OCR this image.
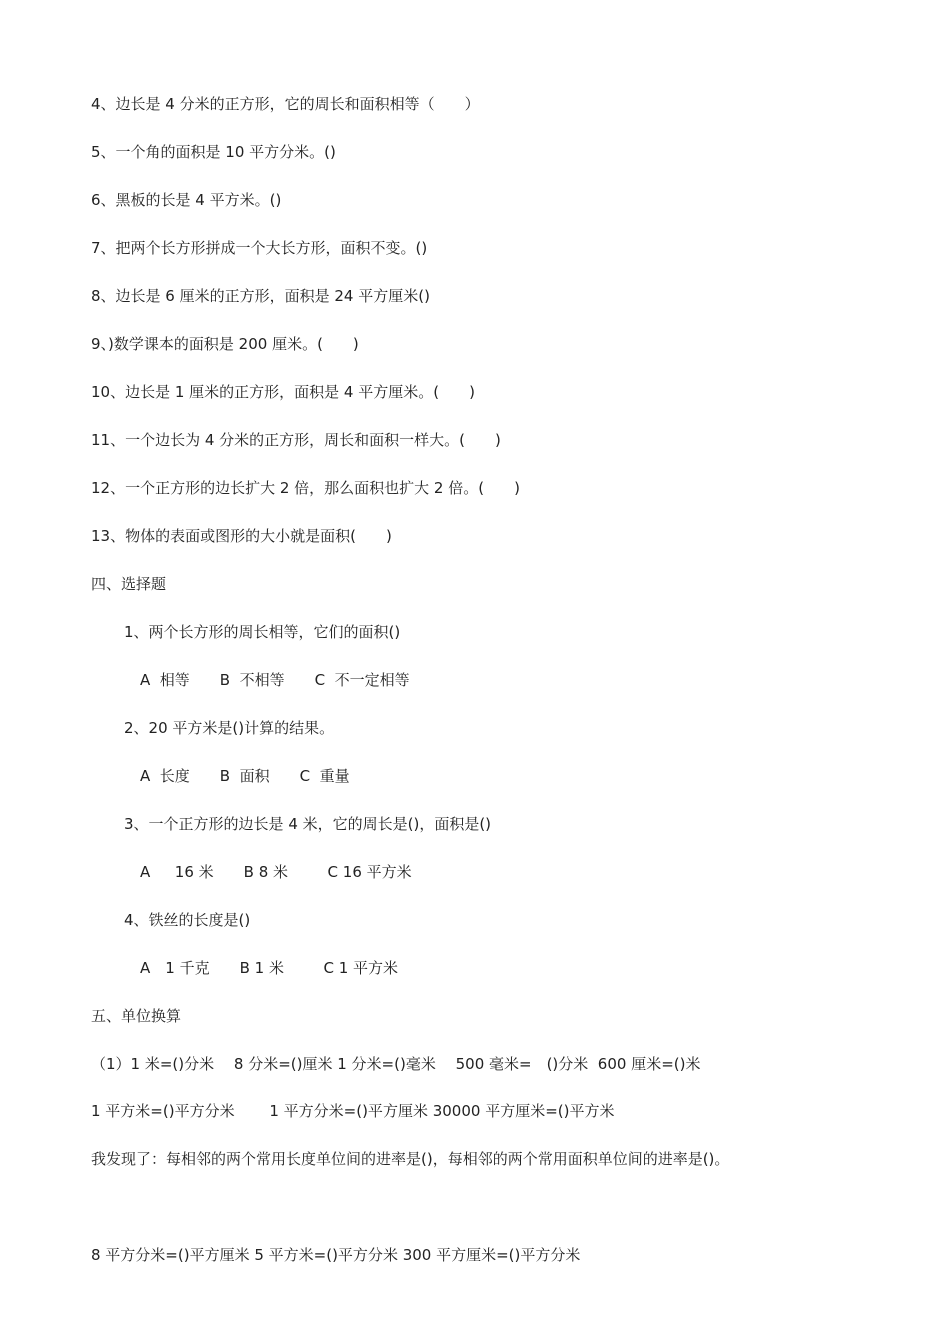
4、边长是 4 分米的正方形，它的周长和面积相等（　　）

5、一个角的面积是 10 平方分米。()

6、黑板的长是 4 平方米。()

7、把两个长方形拼成一个大长方形，面积不变。()

8、边长是 6 厘米的正方形，面积是 24 平方厘米()

9、)数学课本的面积是 200 厘米。(　　)

10、边长是 1 厘米的正方形，面积是 4 平方厘米。(　　)

11、一个边长为 4 分米的正方形，周长和面积一样大。(　　)

12、一个正方形的边长扩大 2 倍，那么面积也扩大 2 倍。(　　)

13、物体的表面或图形的大小就是面积(　　)

四、选择题

1、两个长方形的周长相等，它们的面积()

A  相等　　B  不相等　　C  不一定相等

2、20 平方米是()计算的结果。

A  长度　　B  面积　　C  重量

3、一个正方形的边长是 4 米，它的周长是()，面积是()

A　  16 米　　B 8 米　　  C 16 平方米

4、铁丝的长度是()

A　1 千克　　B 1 米　　  C 1 平方米

五、单位换算

（1）1 米=()分米　 8 分米=()厘米 1 分米=()毫米　 500 毫米=　()分米  600 厘米=()米

1 平方米=()平方分米　　 1 平方分米=()平方厘米 30000 平方厘米=()平方米

我发现了：每相邻的两个常用长度单位间的进率是()，每相邻的两个常用面积单位间的进率是()。

8 平方分米=()平方厘米 5 平方米=()平方分米 300 平方厘米=()平方分米
